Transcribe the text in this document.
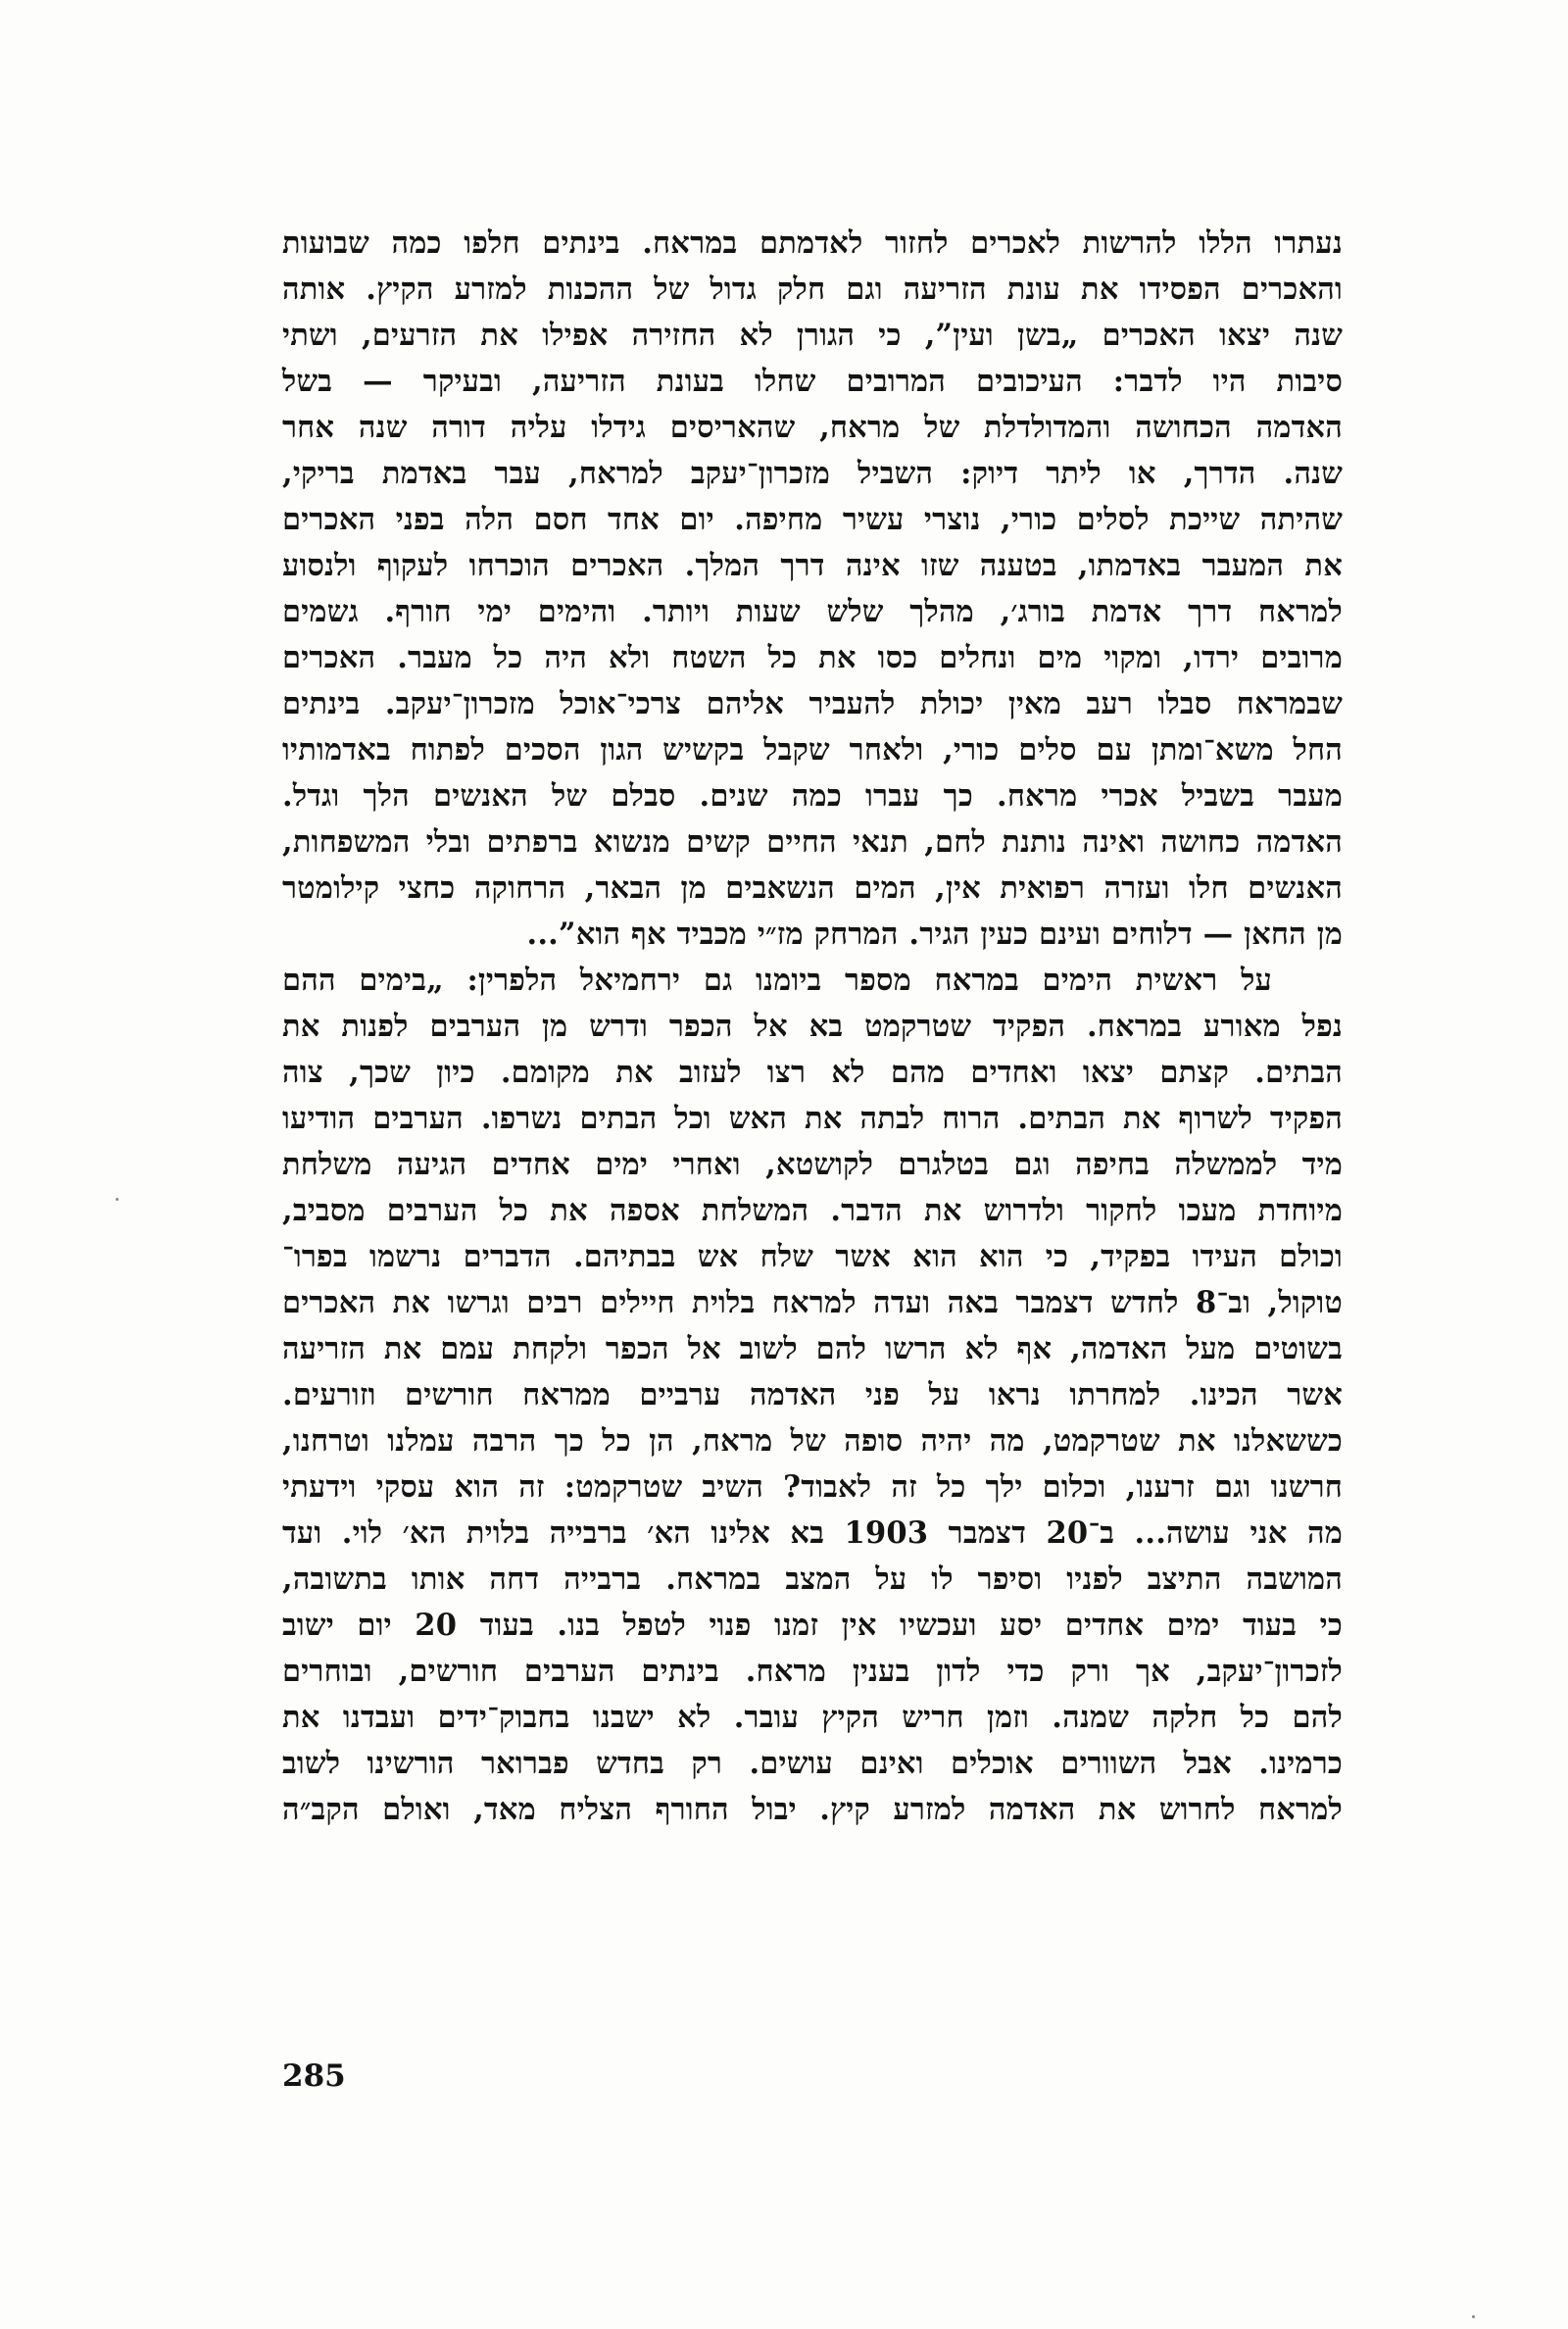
נעתרו הללו להרשות לאכרים לחזור לאדמתם במראח. בינתים חלפו כמה שבועות
והאכרים הפסידו את עונת הזריעה וגם חלק גדול של ההכנות למזרע הקיץ. אותה
שנה יצאו האכרים „בשן ועין”, כי הגורן לא החזירה אפילו את הזרעים, ושתי
סיבות היו לדבר: העיכובים המרובים שחלו בעונת הזריעה, ובעיקר — בשל
האדמה הכחושה והמדולדלת של מראח, שהאריסים גידלו עליה דורה שנה אחר
שנה. הדרך, או ליתר דיוק: השביל מזכרון־יעקב למראח, עבר באדמת בריקי,
שהיתה שייכת לסלים כורי, נוצרי עשיר מחיפה. יום אחד חסם הלה בפני האכרים
את המעבר באדמתו, בטענה שזו אינה דרך המלך. האכרים הוכרחו לעקוף ולנסוע
למראח דרך אדמת בורג׳, מהלך שלש שעות ויותר. והימים ימי חורף. גשמים
מרובים ירדו, ומקוי מים ונחלים כסו את כל השטח ולא היה כל מעבר. האכרים
שבמראח סבלו רעב מאין יכולת להעביר אליהם צרכי־אוכל מזכרון־יעקב. בינתים
החל משא־ומתן עם סלים כורי, ולאחר שקבל בקשיש הגון הסכים לפתוח באדמותיו
מעבר בשביל אכרי מראח. כך עברו כמה שנים. סבלם של האנשים הלך וגדל.
האדמה כחושה ואינה נותנת לחם, תנאי החיים קשים מנשוא ברפתים ובלי המשפחות,
האנשים חלו ועזרה רפואית אין, המים הנשאבים מן הבאר, הרחוקה כחצי קילומטר
מן החאן — דלוחים ועינם כעין הגיר. המרחק מז״י מכביד אף הוא”...
על ראשית הימים במראח מספר ביומנו גם ירחמיאל הלפרין: „בימים ההם
נפל מאורע במראח. הפקיד שטרקמט בא אל הכפר ודרש מן הערבים לפנות את
הבתים. קצתם יצאו ואחדים מהם לא רצו לעזוב את מקומם. כיון שכך, צוה
הפקיד לשרוף את הבתים. הרוח לבתה את האש וכל הבתים נשרפו. הערבים הודיעו
מיד לממשלה בחיפה וגם בטלגרם לקושטא, ואחרי ימים אחדים הגיעה משלחת
מיוחדת מעכו לחקור ולדרוש את הדבר. המשלחת אספה את כל הערבים מסביב,
וכולם העידו בפקיד, כי הוא הוא אשר שלח אש בבתיהם. הדברים נרשמו בפרו־
טוקול, וב־8 לחדש דצמבר באה ועדה למראח בלוית חיילים רבים וגרשו את האכרים
בשוטים מעל האדמה, אף לא הרשו להם לשוב אל הכפר ולקחת עמם את הזריעה
אשר הכינו. למחרתו נראו על פני האדמה ערביים ממראח חורשים וזורעים.
כששאלנו את שטרקמט, מה יהיה סופה של מראח, הן כל כך הרבה עמלנו וטרחנו,
חרשנו וגם זרענו, וכלום ילך כל זה לאבוד? השיב שטרקמט: זה הוא עסקי וידעתי
מה אני עושה... ב־20 דצמבר 1903 בא אלינו הא׳ ברבייה בלוית הא׳ לוי. ועד
המושבה התיצב לפניו וסיפר לו על המצב במראח. ברבייה דחה אותו בתשובה,
כי בעוד ימים אחדים יסע ועכשיו אין זמנו פנוי לטפל בנו. בעוד 20 יום ישוב
לזכרון־יעקב, אך ורק כדי לדון בענין מראח. בינתים הערבים חורשים, ובוחרים
להם כל חלקה שמנה. וזמן חריש הקיץ עובר. לא ישבנו בחבוק־ידים ועבדנו את
כרמינו. אבל השוורים אוכלים ואינם עושים. רק בחדש פברואר הורשינו לשוב
למראח לחרוש את האדמה למזרע קיץ. יבול החורף הצליח מאד, ואולם הקב״ה
285
